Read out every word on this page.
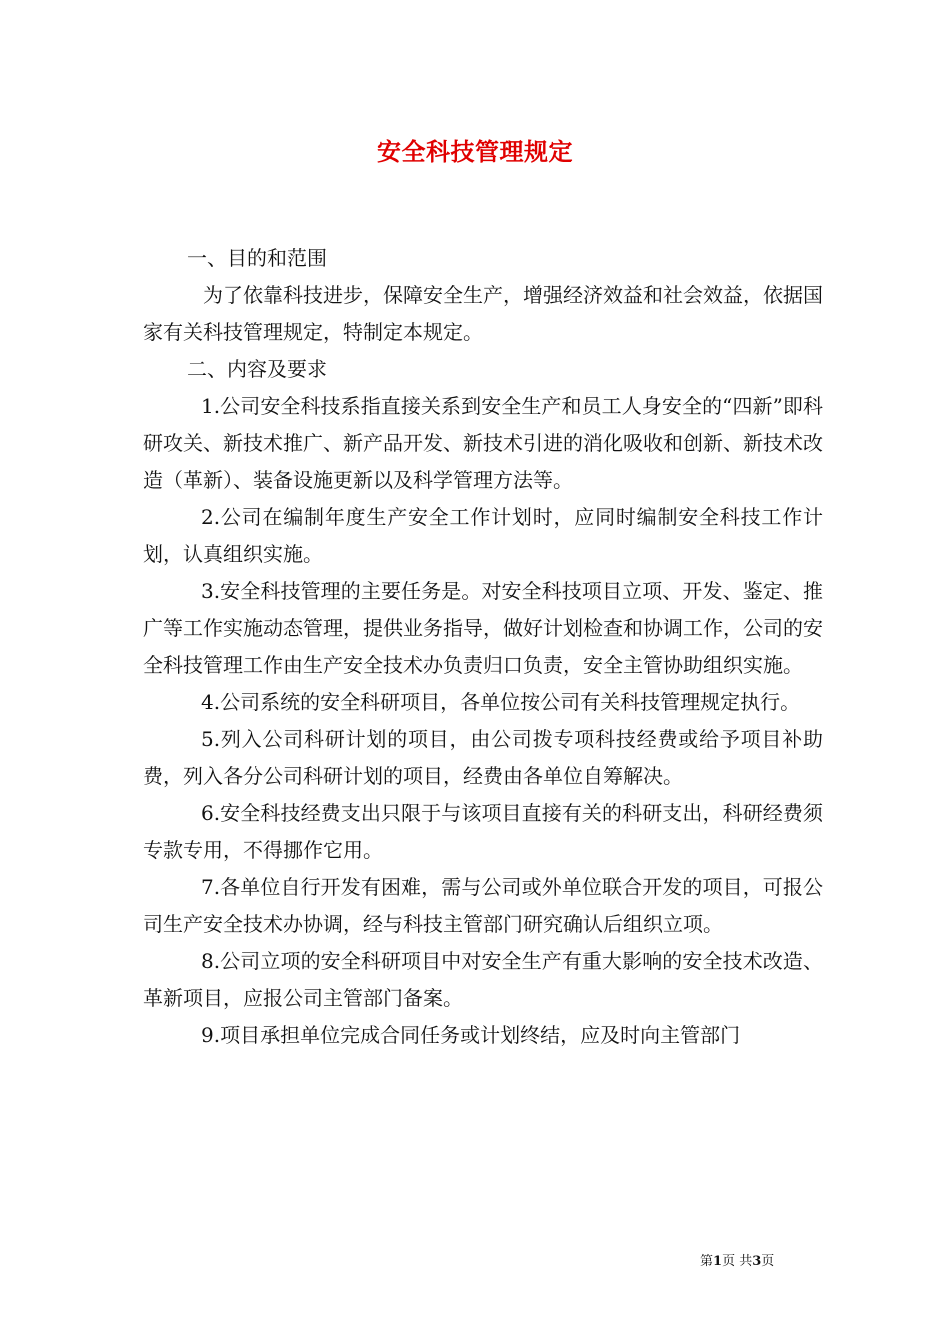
安全科技管理规定

一、目的和范围

为了依靠科技进步，保障安全生产，增强经济效益和社会效益，依据国家有关科技管理规定，特制定本规定。

二、内容及要求

1.公司安全科技系指直接关系到安全生产和员工人身安全的“四新”即科研攻关、新技术推广、新产品开发、新技术引进的消化吸收和创新、新技术改造（革新）、装备设施更新以及科学管理方法等。

2.公司在编制年度生产安全工作计划时，应同时编制安全科技工作计划，认真组织实施。

3.安全科技管理的主要任务是。对安全科技项目立项、开发、鉴定、推广等工作实施动态管理，提供业务指导，做好计划检查和协调工作，公司的安全科技管理工作由生产安全技术办负责归口负责，安全主管协助组织实施。

4.公司系统的安全科研项目，各单位按公司有关科技管理规定执行。

5.列入公司科研计划的项目，由公司拨专项科技经费或给予项目补助费，列入各分公司科研计划的项目，经费由各单位自筹解决。

6.安全科技经费支出只限于与该项目直接有关的科研支出，科研经费须专款专用，不得挪作它用。

7.各单位自行开发有困难，需与公司或外单位联合开发的项目，可报公司生产安全技术办协调，经与科技主管部门研究确认后组织立项。

8.公司立项的安全科研项目中对安全生产有重大影响的安全技术改造、革新项目，应报公司主管部门备案。

9.项目承担单位完成合同任务或计划终结，应及时向主管部门

第1页 共3页
